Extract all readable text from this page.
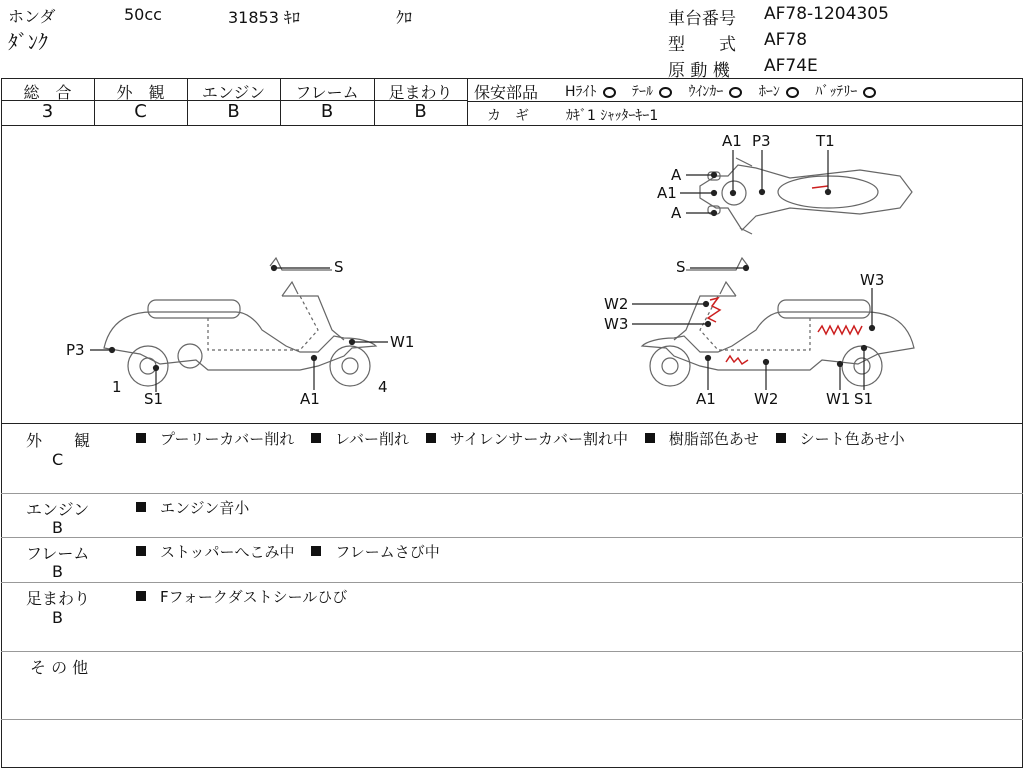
ホンダ	50cc	31853 ｷﾛ	ｸﾛ
ﾀﾞﾝｸ
車台番号 AF78-1204305
型　　式 AF78
原 動 機 AF74E
総　合	外　観	エンジン	フレーム	足まわり
3	C	B	B	B
保安部品 Hﾗｲﾄ	ﾃｰﾙ	ｳｲﾝｶｰ	ﾎｰﾝ	ﾊﾞｯﾃﾘｰ
カ　ギ	ｶｷﾞ1 ｼｬｯﾀｰｷｰ1
A1 P3	T1
A
A1
A
S
P3	W1
1
S1	A1
4
S
W2
W3
W3
A1	W2	W1 S1
外　　観
C
プーリーカバー削れ	レバー削れ	サイレンサーカバー割れ中	樹脂部色あせ	シート色あせ小
エンジン
B
エンジン音小
フレーム
B
ストッパーへこみ中	フレームさび中
足まわり
B
Fフォークダストシールひび
そ の 他
